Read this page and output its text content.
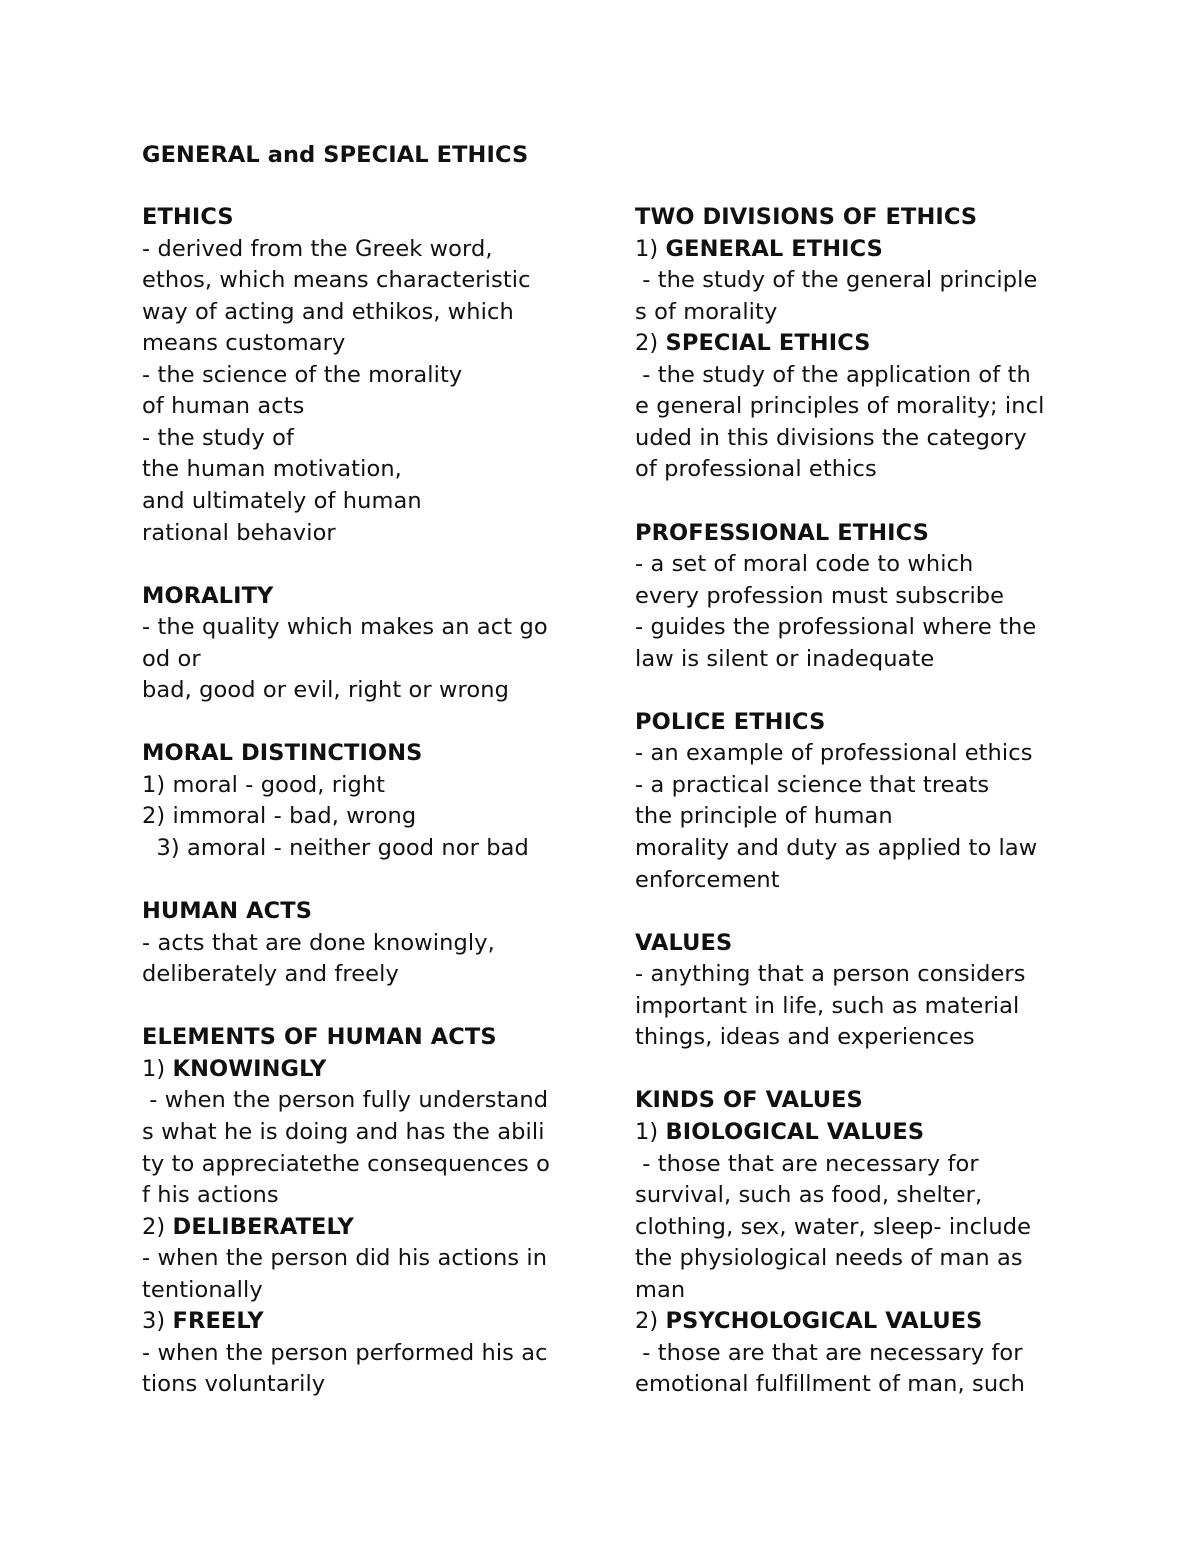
GENERAL and SPECIAL ETHICS
ETHICS
- derived from the Greek word,
ethos, which means characteristic
way of acting and ethikos, which
means customary
- the science of the morality
of human acts
- the study of
the human motivation,
and ultimately of human
rational behavior
MORALITY
- the quality which makes an act go
od or
bad, good or evil, right or wrong
MORAL DISTINCTIONS
1) moral - good, right
2) immoral - bad, wrong
3) amoral - neither good nor bad
HUMAN ACTS
- acts that are done knowingly,
deliberately and freely
ELEMENTS OF HUMAN ACTS
1) KNOWINGLY
- when the person fully understand
s what he is doing and has the abili
ty to appreciatethe consequences o
f his actions
2) DELIBERATELY
- when the person did his actions in
tentionally
3) FREELY
- when the person performed his ac
tions voluntarily
TWO DIVISIONS OF ETHICS
1) GENERAL ETHICS
- the study of the general principle
s of morality
2) SPECIAL ETHICS
- the study of the application of th
e general principles of morality; incl
uded in this divisions the category
of professional ethics
PROFESSIONAL ETHICS
- a set of moral code to which
every profession must subscribe
- guides the professional where the
law is silent or inadequate
POLICE ETHICS
- an example of professional ethics
- a practical science that treats
the principle of human
morality and duty as applied to law
enforcement
VALUES
- anything that a person considers
important in life, such as material
things, ideas and experiences
KINDS OF VALUES
1) BIOLOGICAL VALUES
- those that are necessary for
survival, such as food, shelter,
clothing, sex, water, sleep- include
the physiological needs of man as
man
2) PSYCHOLOGICAL VALUES
- those are that are necessary for
emotional fulfillment of man, such
